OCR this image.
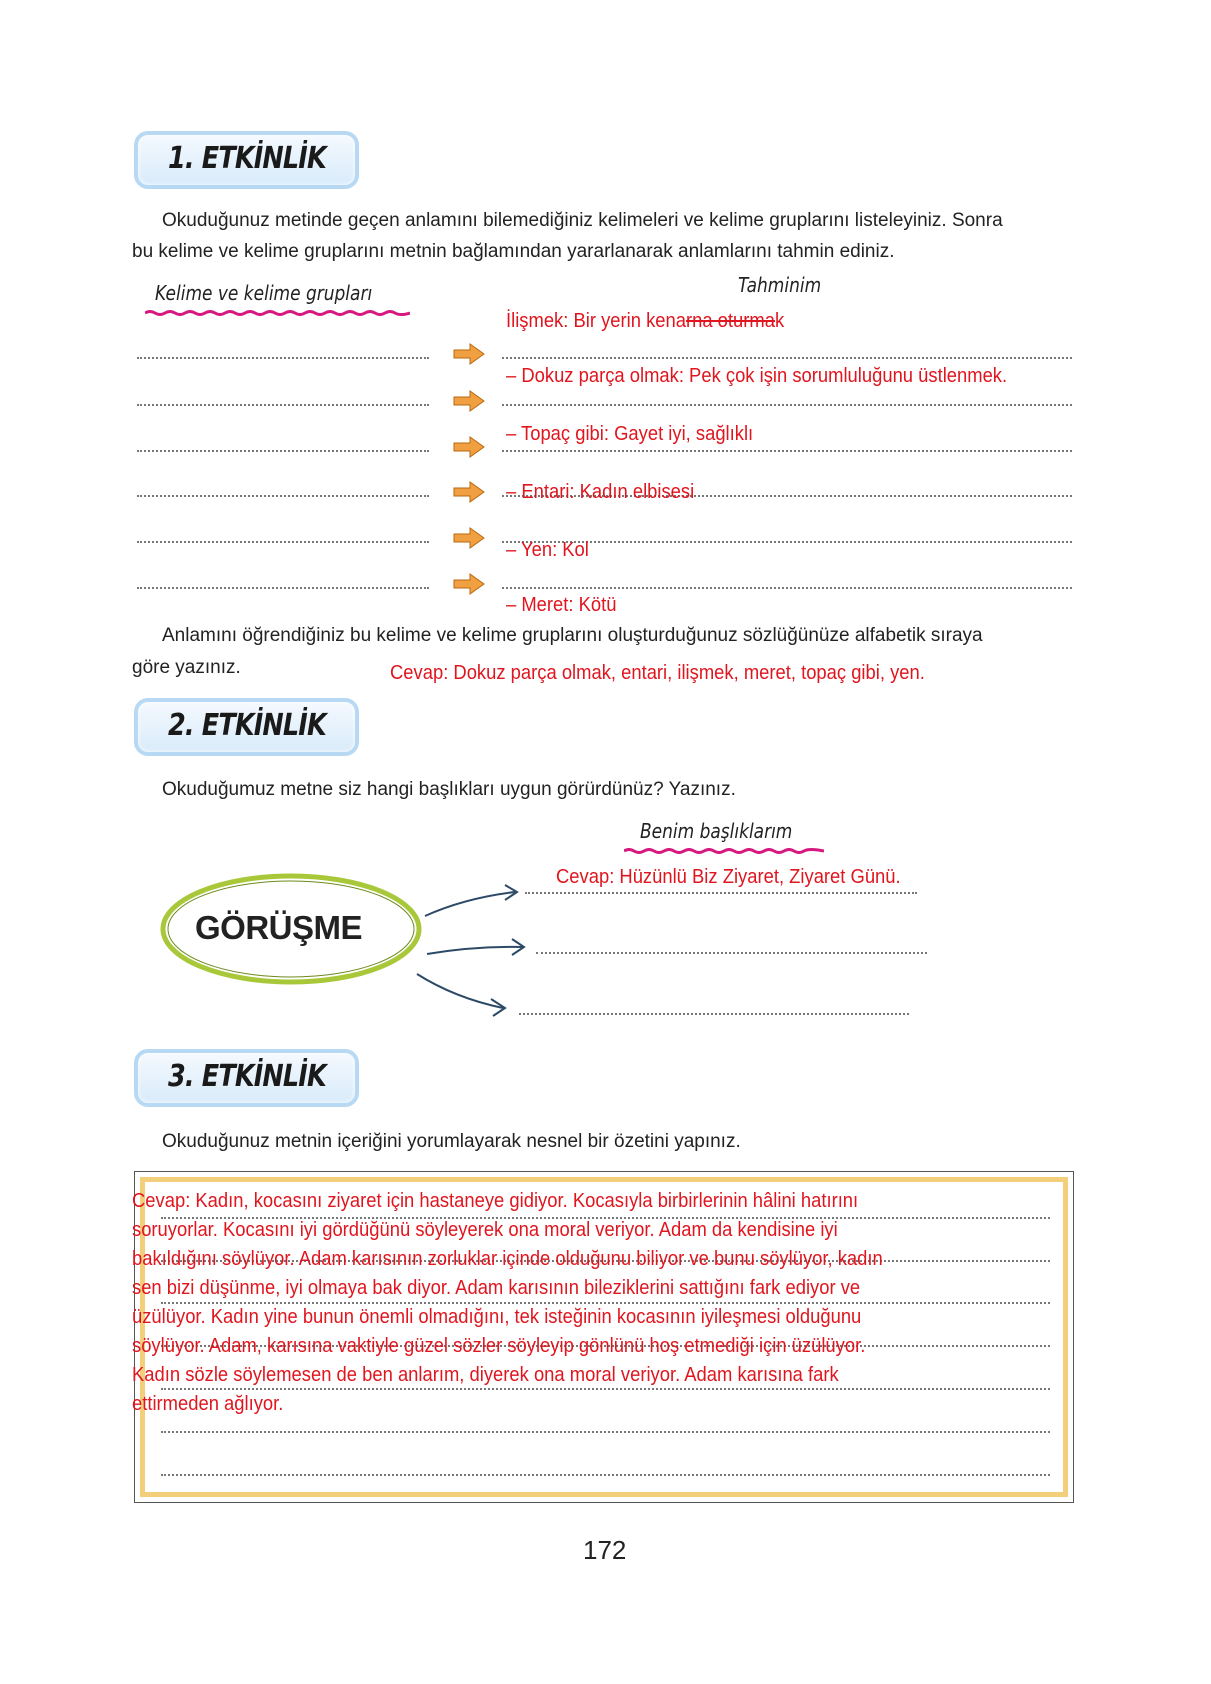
1. ETKİNLİK
Okuduğunuz metinde geçen anlamını bilemediğiniz kelimeleri ve kelime gruplarını listeleyiniz. Sonra
bu kelime ve kelime gruplarını metnin bağlamından yararlanarak anlamlarını tahmin ediniz.
Kelime ve kelime grupları	Tahminim
İlişmek: Bir yerin kenarna oturmak
– Dokuz parça olmak: Pek çok işin sorumluluğunu üstlenmek.
– Topaç gibi: Gayet iyi, sağlıklı
– Entari: Kadın elbisesi
– Yen: Kol
– Meret: Kötü
Anlamını öğrendiğiniz bu kelime ve kelime gruplarını oluşturduğunuz sözlüğünüze alfabetik sıraya
göre yazınız.	Cevap: Dokuz parça olmak, entari, ilişmek, meret, topaç gibi, yen.
2. ETKİNLİK
Okuduğumuz metne siz hangi başlıkları uygun görürdünüz? Yazınız.
Benim başlıklarım
Cevap: Hüzünlü Biz Ziyaret, Ziyaret Günü.
GÖRÜŞME
3. ETKİNLİK
Okuduğunuz metnin içeriğini yorumlayarak nesnel bir özetini yapınız.
Cevap: Kadın, kocasını ziyaret için hastaneye gidiyor. Kocasıyla birbirlerinin hâlini hatırını
soruyorlar. Kocasını iyi gördüğünü söyleyerek ona moral veriyor. Adam da kendisine iyi
bakıldığını söylüyor. Adam karısının zorluklar içinde olduğunu biliyor ve bunu söylüyor, kadın
sen bizi düşünme, iyi olmaya bak diyor. Adam karısının bileziklerini sattığını fark ediyor ve
üzülüyor. Kadın yine bunun önemli olmadığını, tek isteğinin kocasının iyileşmesi olduğunu
söylüyor. Adam, karısına vaktiyle güzel sözler söyleyip gönlünü hoş etmediği için üzülüyor.
Kadın sözle söylemesen de ben anlarım, diyerek ona moral veriyor. Adam karısına fark
ettirmeden ağlıyor.
172
